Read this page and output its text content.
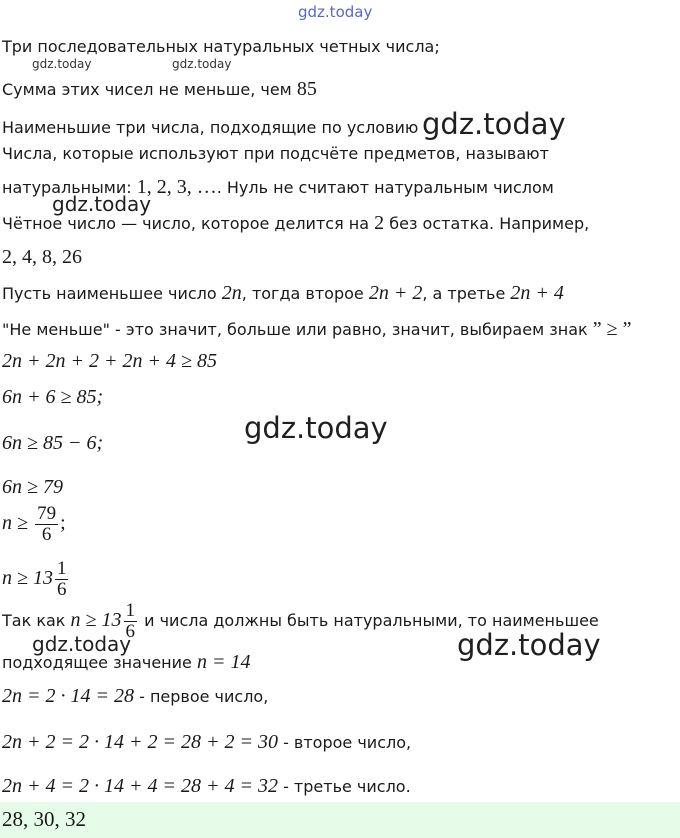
gdz.today
gdz.today	gdz.today
gdz.today
gdz.today
gdz.today
gdz.today	gdz.today
Три последовательных натуральных четных числа;
Сумма этих чисел не меньше, чем 85
Наименьшие три числа, подходящие по условию
Числа, которые используют при подсчёте предметов, называют
натуральными: 1, 2, 3, …. Нуль не считают натуральным числом
Чётное число — число, которое делится на 2 без остатка. Например,
2, 4, 8, 26
Пусть наименьшее число 2n, тогда второе 2n + 2, а третье 2n + 4
"Не меньше" - это значит, больше или равно, значит, выбираем знак ” ≥ ”
2n + 2n + 2 + 2n + 4 ≥ 85
6n + 6 ≥ 85;
6n ≥ 85 − 6;
6n ≥ 79
$n \ge \frac{79}{6}$ ;
$n \ge 13 \frac{1}{6}$
Так как $n \ge 13 \frac{1}{6}$ и числа должны быть натуральными, то наименьшее
подходящее значение n = 14
2n = 2 · 14 = 28 - первое число,
2n + 2 = 2 · 14 + 2 = 28 + 2 = 30 - второе число,
2n + 4 = 2 · 14 + 4 = 28 + 4 = 32 - третье число.
28, 30, 32
